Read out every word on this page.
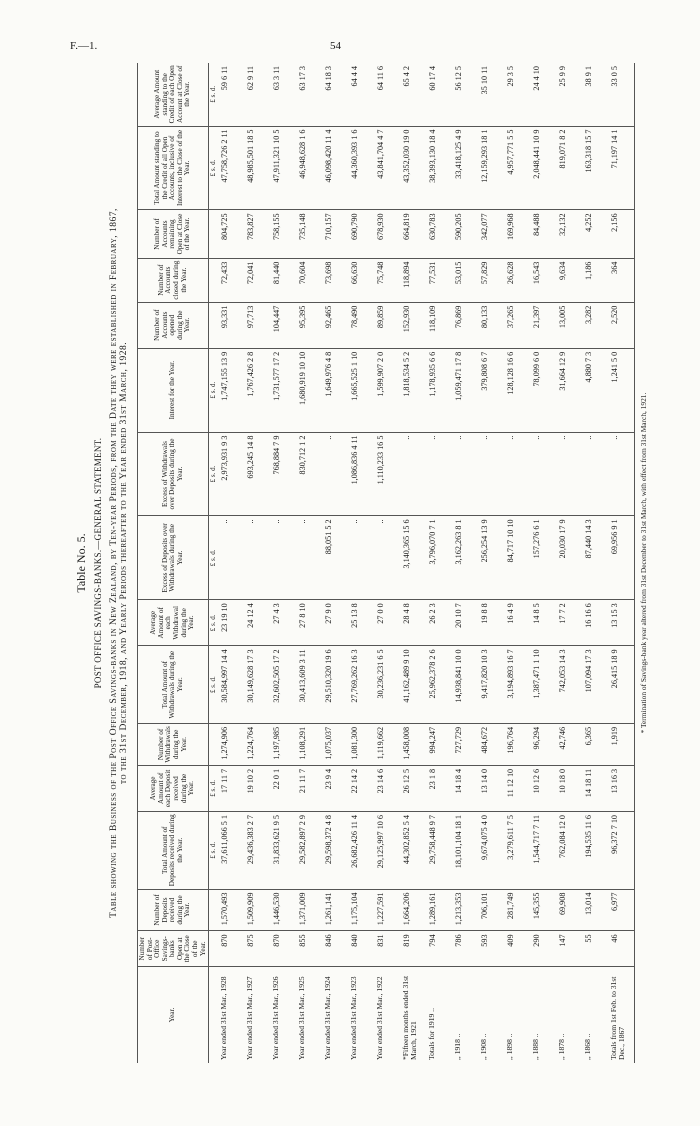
F.—1.	54
Table No. 5. POST OFFICE SAVINGS-BANKS.—GENERAL STATEMENT. Table showing the Business of the Post Office Savings-banks in New Zealand, by Ten-year Periods, from the Date they were established in February, 1867, to the 31st December, 1918, and Yearly Periods thereafter to the Year ended 31st March, 1928.
Year.	Number of Post-Office Savings-banks Open at the Close of the Year.	Number of Deposits received during the Year.	Total Amount of Deposits received during the Year.	Average Amount of each Deposit received during the Year.	Number of Withdrawals during the Year.	Total Amount of Withdrawals during the Year.	Average Amount of each Withdrawal during the Year.	Excess of Deposits over Withdrawals during the Year.	Excess of Withdrawals over Deposits during the Year.	Interest for the Year.	Number of Accounts opened during the Year.	Number of Accounts closed during the Year.	Number of Accounts remaining Open at Close of the Year.	Total Amount standing to the Credit of all Open Accounts, inclusive of Interest to the Close of the Year.	Average Amount standing to the Credit of each Open Account at Close of the Year.
			£ s. d.	£ s. d.		£ s. d.	£ s. d.	£ s. d.	£ s. d.	£ s. d.				£ s. d.	£ s. d.
Year ended 31st Mar., 1928	870	1,570,493	37,611,066 5 1	17 11 7	1,274,906	30,584,997 14 4	23 19 10	..	2,973,931 9 3	1,747,155 13 9	93,331	72,433	804,725	47,758,726 2 11	59 6 11
Year ended 31st Mar., 1927	875	1,509,909	29,436,383 2 7	19 10 2	1,224,764	30,149,628 17 3	24 12 4	..	693,245 14 8	1,767,426 2 8	97,713	72,041	783,827	48,985,501 18 5	62 9 11
Year ended 31st Mar., 1926	870	1,446,530	31,833,621 9 5	22 0 1	1,197,985	32,602,505 17 2	27 4 3	..	768,884 7 9	1,731,577 17 2	104,447	81,440	758,155	47,911,321 10 5	63 3 11
Year ended 31st Mar., 1925	855	1,371,009	29,582,897 2 9	21 11 7	1,108,291	30,413,609 3 11	27 8 10	..	830,712 1 2	1,680,919 10 10	95,395	70,604	735,148	46,948,628 1 6	63 17 3
Year ended 31st Mar., 1924	846	1,261,141	29,598,372 4 8	23 9 4	1,075,037	29,510,320 19 6	27 9 0	88,051 5 2	..	1,649,976 4 8	92,465	73,698	710,157	46,098,420 11 4	64 18 3
Year ended 31st Mar., 1923	840	1,175,104	26,682,426 11 4	22 14 2	1,081,300	27,769,262 16 3	25 13 8	..	1,086,836 4 11	1,665,525 1 10	78,490	66,630	690,790	44,360,393 1 6	64 4 4
Year ended 31st Mar., 1922	831	1,227,591	29,125,997 10 6	23 14 6	1,119,662	30,236,231 6 5	27 0 0	..	1,110,233 16 5	1,599,907 2 0	89,859	75,748	678,930	43,841,704 4 7	64 11 6
*Fifteen months ended 31st March, 1921	819	1,664,206	44,302,852 5 4	26 12 5	1,458,008	41,162,489 9 10	28 4 8	3,140,365 15 6	..	1,818,534 5 2	152,930	118,894	664,819	43,352,030 19 0	65 4 2
Totals for 1919 ..	794	1,289,161	29,758,448 9 7	23 1 8	994,247	25,962,378 2 6	26 2 3	3,796,070 7 1	..	1,178,935 6 6	118,109	77,531	630,783	38,393,130 18 4	60 17 4
,, 1918 ..	786	1,213,353	18,101,104 18 1	14 18 4	727,729	14,938,841 10 0	20 10 7	3,162,263 8 1	..	1,059,471 17 8	76,869	53,015	590,205	33,418,125 4 9	56 12 5
,, 1908 ..	593	706,101	9,674,075 4 0	13 14 0	484,672	9,417,820 10 3	19 8 8	256,254 13 9	..	379,808 6 7	80,133	57,829	342,077	12,159,293 18 1	35 10 11
,, 1898 ..	409	281,749	3,279,611 7 5	11 12 10	196,764	3,194,893 16 7	16 4 9	84,717 10 10	..	128,128 16 6	37,265	26,628	169,968	4,957,771 5 5	29 3 5
,, 1888 ..	290	145,355	1,544,717 7 11	10 12 6	96,294	1,387,471 1 10	14 8 5	157,276 6 1	..	78,099 6 0	21,397	16,543	84,488	2,048,441 10 9	24 4 10
,, 1878 ..	147	69,908	762,084 12 0	10 18 0	42,746	742,053 14 3	17 7 2	20,030 17 9	..	31,664 12 9	13,005	9,634	32,132	819,071 8 2	25 9 9
,, 1868 ..	55	13,014	194,535 11 6	14 18 11	6,365	107,094 17 3	16 16 6	87,440 14 3	..	4,880 7 3	3,282	1,186	4,252	163,318 15 7	38 9 1
Totals from 1st Feb. to 31st Dec., 1867	46	6,977	96,372 7 10	13 16 3	1,919	26,415 18 9	13 15 3	69,956 9 1	..	1,241 5 0	2,520	364	2,156	71,197 14 1	33 0 5
* Termination of Savings-bank year altered from 31st December to 31st March, with effect from 31st March, 1921.
